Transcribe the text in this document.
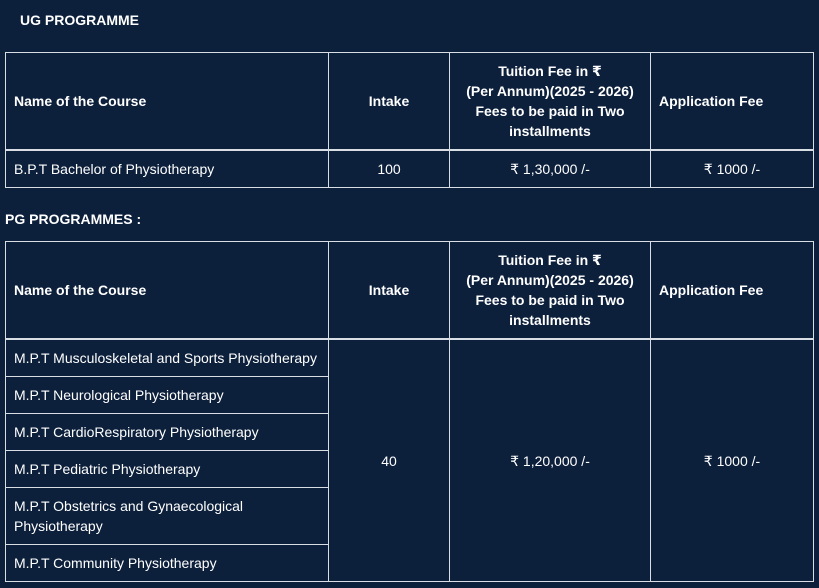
UG PROGRAMME
Name of the Course	Intake	Tuition Fee in ₹
(Per Annum)(2025 - 2026)
Fees to be paid in Two
installments	Application Fee
B.P.T Bachelor of Physiotherapy	100	₹ 1,30,000 /-	₹ 1000 /-
PG PROGRAMMES :
Name of the Course	Intake	Tuition Fee in ₹
(Per Annum)(2025 - 2026)
Fees to be paid in Two
installments	Application Fee
M.P.T Musculoskeletal and Sports Physiotherapy	40	₹ 1,20,000 /-	₹ 1000 /-
M.P.T Neurological Physiotherapy			
M.P.T CardioRespiratory Physiotherapy			
M.P.T Pediatric Physiotherapy			
M.P.T Obstetrics and Gynaecological Physiotherapy			
M.P.T Community Physiotherapy			
